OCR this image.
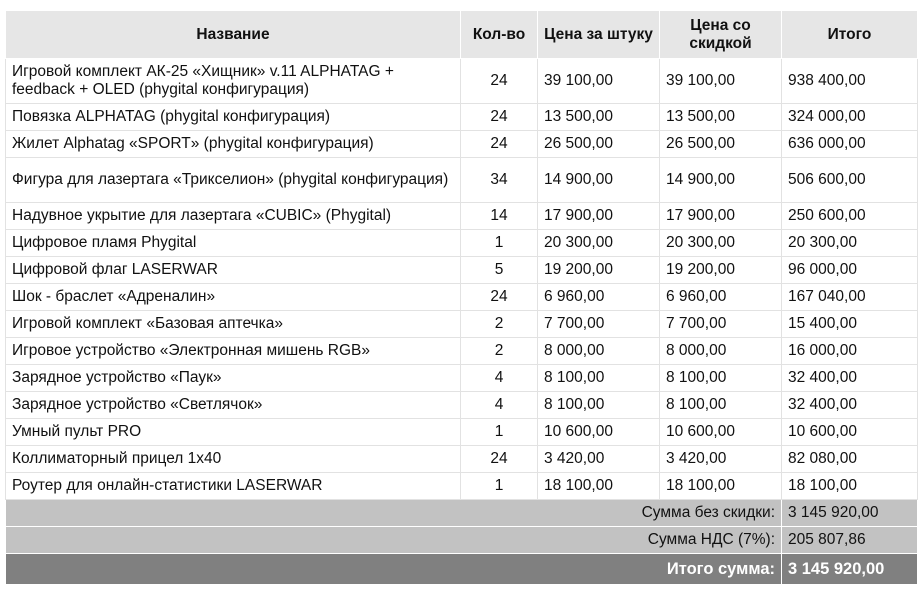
Название	Кол-во	Цена за штуку	Цена со скидкой	Итого
Игровой комплект АК-25 «Хищник» v.11 ALPHATAG + feedback + OLED (phygital конфигурация)	24	39 100,00	39 100,00	938 400,00
Повязка ALPHATAG (phygital конфигурация)	24	13 500,00	13 500,00	324 000,00
Жилет Alphatag «SPORT» (phygital конфигурация)	24	26 500,00	26 500,00	636 000,00
Фигура для лазертага «Трикселион» (phygital конфигурация)	34	14 900,00	14 900,00	506 600,00
Надувное укрытие для лазертага «CUBIC» (Phygital)	14	17 900,00	17 900,00	250 600,00
Цифровое пламя Phygital	1	20 300,00	20 300,00	20 300,00
Цифровой флаг LASERWAR	5	19 200,00	19 200,00	96 000,00
Шок - браслет «Адреналин»	24	6 960,00	6 960,00	167 040,00
Игровой комплект «Базовая аптечка»	2	7 700,00	7 700,00	15 400,00
Игровое устройство «Электронная мишень RGB»	2	8 000,00	8 000,00	16 000,00
Зарядное устройство «Паук»	4	8 100,00	8 100,00	32 400,00
Зарядное устройство «Светлячок»	4	8 100,00	8 100,00	32 400,00
Умный пульт PRO	1	10 600,00	10 600,00	10 600,00
Коллиматорный прицел 1x40	24	3 420,00	3 420,00	82 080,00
Роутер для онлайн-статистики LASERWAR	1	18 100,00	18 100,00	18 100,00
Сумма без скидки:				3 145 920,00
Сумма НДС (7%):				205 807,86
Итого сумма:				3 145 920,00
